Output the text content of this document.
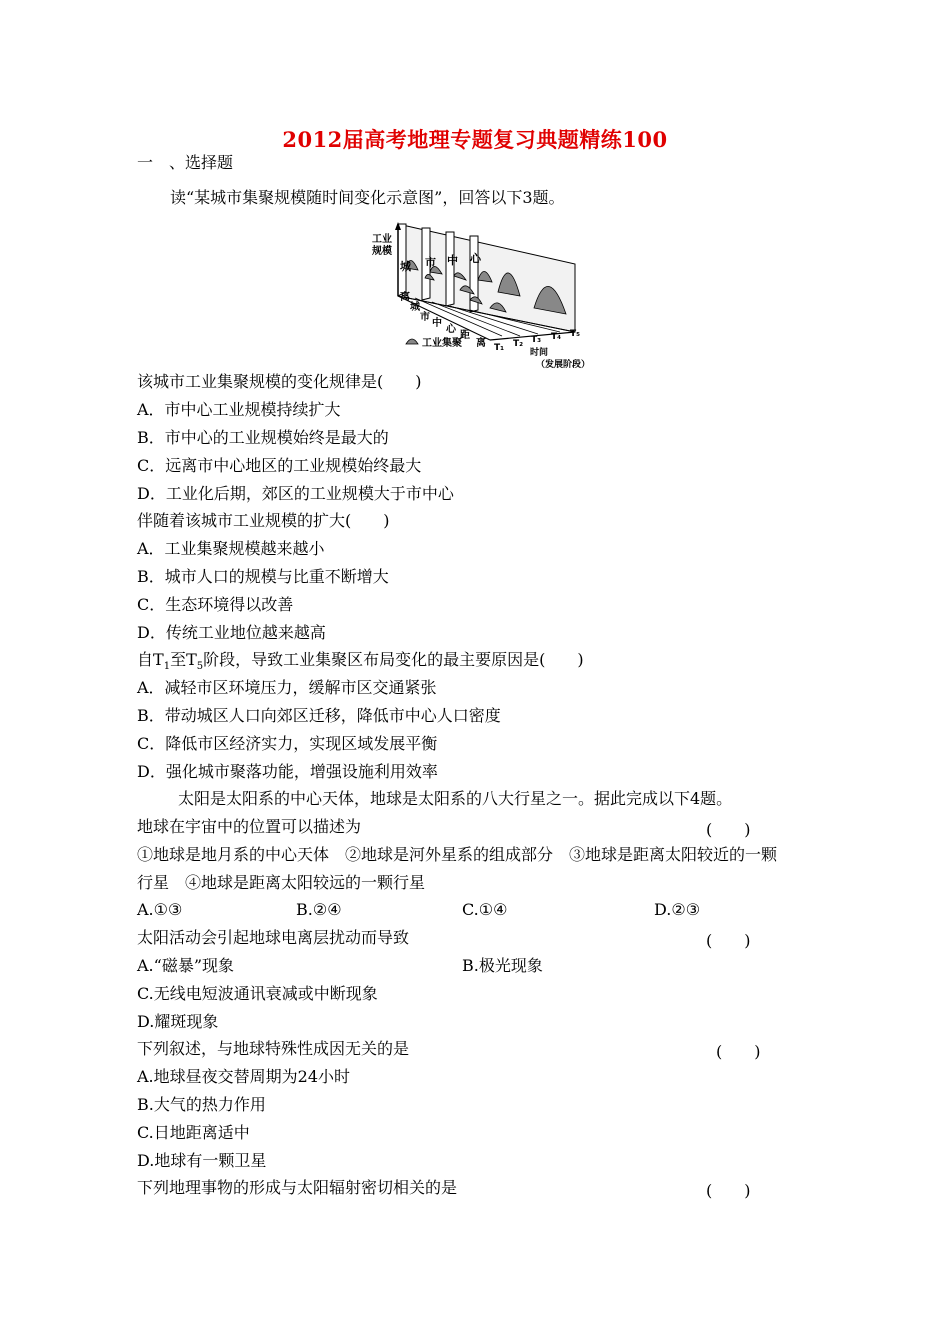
2012届高考地理专题复习典题精练100
一　、选择题
读“某城市集聚规模随时间变化示意图”，回答以下3题。
工业
规模
城 市 中 心
离
城
市
中
心
距
离 T₁ T₂ T₃ T₄ T₅
时间
（发展阶段）
工业集聚
该城市工业集聚规模的变化规律是(　　)
A．市中心工业规模持续扩大
B．市中心的工业规模始终是最大的
C．远离市中心地区的工业规模始终最大
D．工业化后期，郊区的工业规模大于市中心
伴随着该城市工业规模的扩大(　　)
A．工业集聚规模越来越小
B．城市人口的规模与比重不断增大
C．生态环境得以改善
D．传统工业地位越来越高
自$T_1$至$T_5$阶段，导致工业集聚区布局变化的最主要原因是(　　)
A．减轻市区环境压力，缓解市区交通紧张
B．带动城区人口向郊区迁移，降低市中心人口密度
C．降低市区经济实力，实现区域发展平衡
D．强化城市聚落功能，增强设施利用效率
太阳是太阳系的中心天体，地球是太阳系的八大行星之一。据此完成以下4题。
地球在宇宙中的位置可以描述为	(　　)
①地球是地月系的中心天体　②地球是河外星系的组成部分　③地球是距离太阳较近的一颗
行星　④地球是距离太阳较远的一颗行星
A.①③	B.②④	C.①④	D.②③
太阳活动会引起地球电离层扰动而导致	(　　)
A.“磁暴”现象	B.极光现象
C.无线电短波通讯衰减或中断现象
D.耀斑现象
下列叙述，与地球特殊性成因无关的是	(　　)
A.地球昼夜交替周期为24小时
B.大气的热力作用
C.日地距离适中
D.地球有一颗卫星
下列地理事物的形成与太阳辐射密切相关的是	(　　)
